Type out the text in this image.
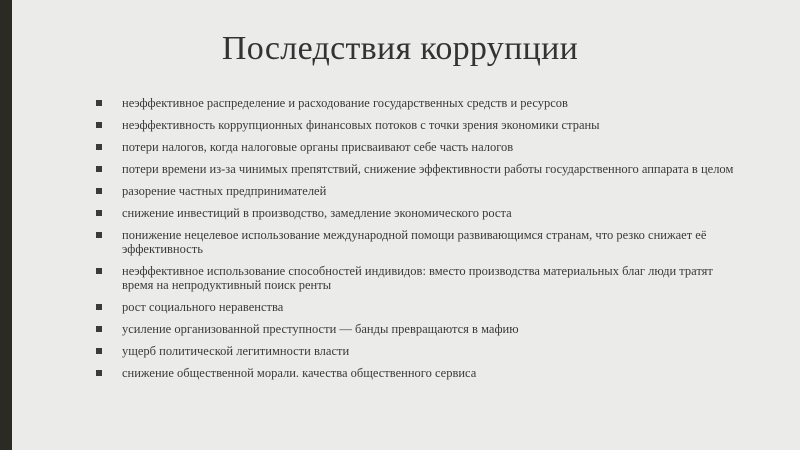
Последствия коррупции
неэффективное распределение и расходование государственных средств и ресурсов
неэффективность коррупционных финансовых потоков с точки зрения экономики страны
потери налогов, когда налоговые органы присваивают себе часть налогов
потери времени из-за чинимых препятствий, снижение эффективности работы государственного аппарата в целом
разорение частных предпринимателей
снижение инвестиций в производство, замедление экономического роста
понижение нецелевое использование международной помощи развивающимся странам, что резко снижает её эффективность
неэффективное использование способностей индивидов: вместо производства материальных благ люди тратят время на непродуктивный поиск ренты
рост социального неравенства
усиление организованной преступности — банды превращаются в мафию
ущерб политической легитимности власти
снижение общественной морали. качества общественного сервиса
